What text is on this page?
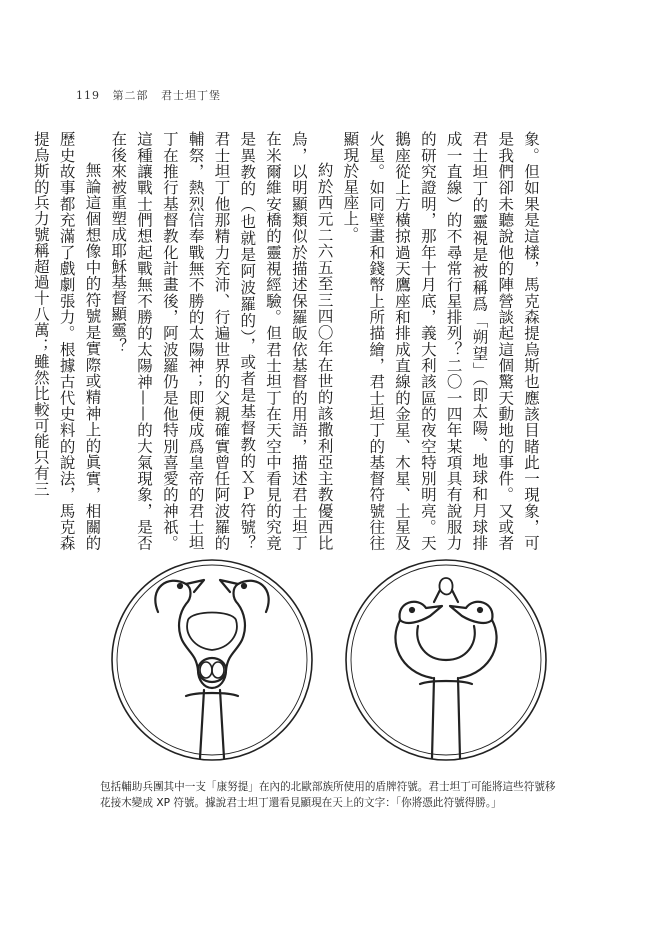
119 第二部 君士坦丁堡

象。但如果是這樣，馬克森提烏斯也應該目睹此一現象，可是我們卻未聽說他的陣營談起這個驚天動地的事件。又或者君士坦丁的靈視是被稱爲「朔望」（即太陽、地球和月球排成一直線）的不尋常行星排列？二〇一四年某項具有說服力的研究證明，那年十月底，義大利該區的夜空特別明亮。天鵝座從上方橫掠過天鷹座和排成直線的金星、木星、土星及火星。如同壁畫和錢幣上所描繪，君士坦丁的基督符號往往顯現於星座上。

約於西元二六五至三四〇年在世的該撒利亞主教優西比烏，以明顯類似於描述保羅皈依基督的用語，描述君士坦丁在米爾維安橋的靈視經驗。但君士坦丁在天空中看見的究竟是異教的（也就是阿波羅的），或者是基督教的ＸＰ符號？君士坦丁他那精力充沛、行遍世界的父親確實曾任阿波羅的輔祭，熱烈信奉戰無不勝的太陽神；即便成爲皇帝的君士坦丁在推行基督教化計畫後，阿波羅仍是他特別喜愛的神祇。這種讓戰士們想起戰無不勝的太陽神——的大氣現象，是否在後來被重塑成耶穌基督顯靈？

無論這個想像中的符號是實際或精神上的眞實，相關的歷史故事都充滿了戲劇張力。根據古代史料的說法，馬克森提烏斯的兵力號稱超過十八萬；雖然比較可能只有三

包括輔助兵團其中一支「康努提」在內的北歐部族所使用的盾牌符號。君士坦丁可能將這些符號移花接木變成 XP 符號。據說君士坦丁還看見顯現在天上的文字：「你將憑此符號得勝。」
